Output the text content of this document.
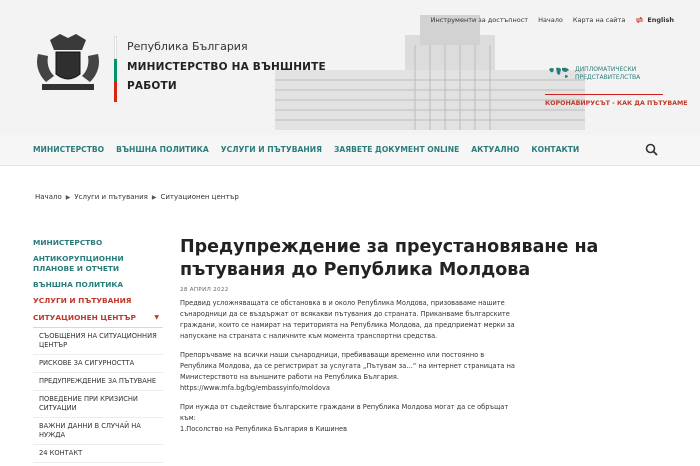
Република България
МИНИСТЕРСТВО НА ВЪНШНИТЕ РАБОТИ
Инструменти за достъпност Начало Карта на сайта	English
ДИПЛОМАТИЧЕСКИ ПРЕДСТАВИТЕЛСТВА
КОРОНАВИРУСЪТ - КАК ДА ПЪТУВАМЕ
МИНИСТЕРСТВО ВЪНШНА ПОЛИТИКА УСЛУГИ И ПЪТУВАНИЯ ЗАЯВЕТЕ ДОКУМЕНТ ONLINE АКТУАЛНО КОНТАКТИ
Начало ▶ Услуги и пътувания ▶ Ситуационен център
МИНИСТЕРСТВО
АНТИКОРУПЦИОННИ ПЛАНОВЕ И ОТЧЕТИ
ВЪНШНА ПОЛИТИКА
УСЛУГИ И ПЪТУВАНИЯ
СИТУАЦИОНЕН ЦЕНТЪР	▼
СЪОБЩЕНИЯ НА СИТУАЦИОННИЯ ЦЕНТЪР
РИСКОВЕ ЗА СИГУРНОСТТА
ПРЕДУПРЕЖДЕНИЕ ЗА ПЪТУВАНЕ
ПОВЕДЕНИЕ ПРИ КРИЗИСНИ СИТУАЦИИ
ВАЖНИ ДАННИ В СЛУЧАЙ НА НУЖДА
24 КОНТАКТ
Предупреждение за преустановяване на пътувания до Република Молдова
28 АПРИЛ 2022

Предвид усложняващата се обстановка в и около Република Молдова, призоваваме нашите сънародници да се въздържат от всякакви пътувания до страната. Приканваме българските граждани, които се намират на територията на Република Молдова, да предприемат мерки за напускане на страната с наличните към момента транспортни средства.

Препоръчваме на всички наши сънародници, пребиваващи временно или постоянно в Република Молдова, да се регистрират за услугата „Пътувам за…“ на интернет страницата на Министерството на външните работи на Република България. https://www.mfa.bg/bg/embassyinfo/moldova

При нужда от съдействие българските граждани в Република Молдова могат да се обръщат към:

1.Посолство на Република България в Кишинев
